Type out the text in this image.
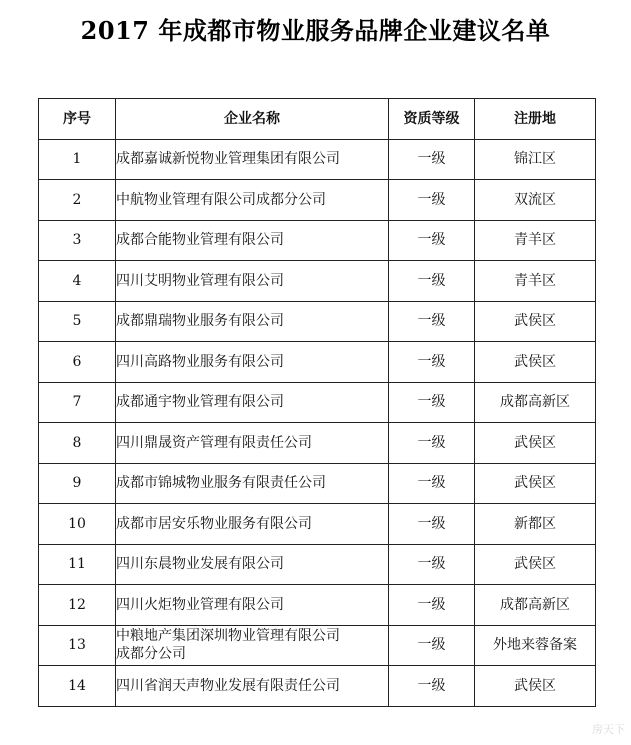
2017 年成都市物业服务品牌企业建议名单
序号	企业名称	资质等级	注册地
1	成都嘉诚新悦物业管理集团有限公司	一级	锦江区
2	中航物业管理有限公司成都分公司	一级	双流区
3	成都合能物业管理有限公司	一级	青羊区
4	四川艾明物业管理有限公司	一级	青羊区
5	成都鼎瑞物业服务有限公司	一级	武侯区
6	四川高路物业服务有限公司	一级	武侯区
7	成都通宇物业管理有限公司	一级	成都高新区
8	四川鼎晟资产管理有限责任公司	一级	武侯区
9	成都市锦城物业服务有限责任公司	一级	武侯区
10	成都市居安乐物业服务有限公司	一级	新都区
11	四川东晨物业发展有限公司	一级	武侯区
12	四川火炬物业管理有限公司	一级	成都高新区
13	中粮地产集团深圳物业管理有限公司
成都分公司	一级	外地来蓉备案
14	四川省润天声物业发展有限责任公司	一级	武侯区
房天下
